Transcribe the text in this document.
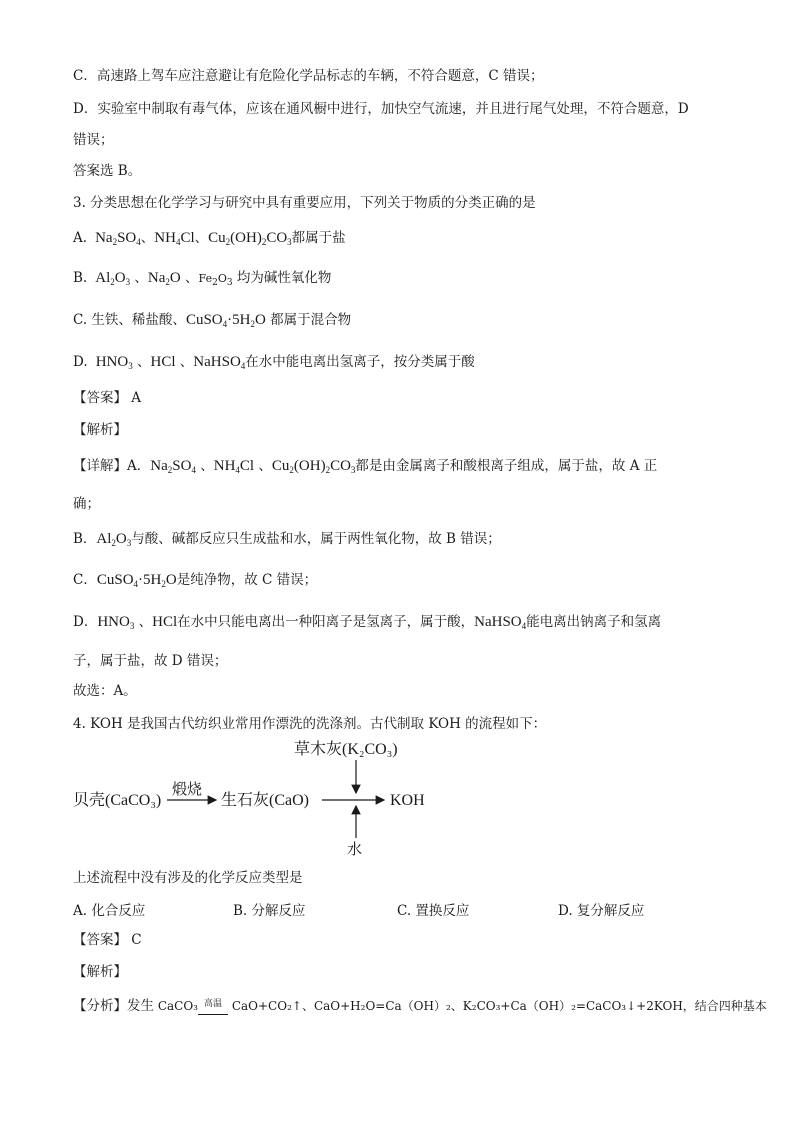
C．高速路上驾车应注意避让有危险化学品标志的车辆，不符合题意，C 错误；
D．实验室中制取有毒气体，应该在通风橱中进行，加快空气流速，并且进行尾气处理，不符合题意，D
错误；
答案选 B。
3. 分类思想在化学学习与研究中具有重要应用，下列关于物质的分类正确的是
A.  $Na_2SO_4$、$NH_4Cl$、$Cu_2(OH)_2CO_3$都属于盐
B.  $Al_2O_3$ 、$Na_2O$ 、$Fe_2O_3$ 均为碱性氧化物
C. 生铁、稀盐酸、$CuSO_4\cdot 5H_2O$ 都属于混合物
D.  $HNO_3$ 、HCl 、NaHSO$_4$在水中能电离出氢离子，按分类属于酸
【答案】 A
【解析】
【详解】A．$Na_2SO_4$ 、$NH_4Cl$ 、$Cu_2(OH)_2CO_3$都是由金属离子和酸根离子组成，属于盐，故 A 正
确；
B．$Al_2O_3$与酸、碱都反应只生成盐和水，属于两性氧化物，故 B 错误；
C．$CuSO_4\cdot 5H_2O$是纯净物，故 C 错误；
D．$HNO_3$ 、HCl在水中只能电离出一种阳离子是氢离子，属于酸，NaHSO$_4$能电离出钠离子和氢离
子，属于盐，故 D 错误；
故选：A。
4. KOH 是我国古代纺织业常用作漂洗的洗涤剂。古代制取 KOH 的流程如下：
草木灰(K₂CO₃)
贝壳(CaCO₃)
煅烧
生石灰(CaO)	KOH
水
上述流程中没有涉及的化学反应类型是
A. 化合反应	B. 分解反应	C. 置换反应	D. 复分解反应
【答案】 C
【解析】
【分析】发生 CaCO₃ 高温 CaO+CO₂↑、CaO+H₂O=Ca（OH）₂、K₂CO₃+Ca（OH）₂=CaCO₃↓+2KOH，结合四种基本
